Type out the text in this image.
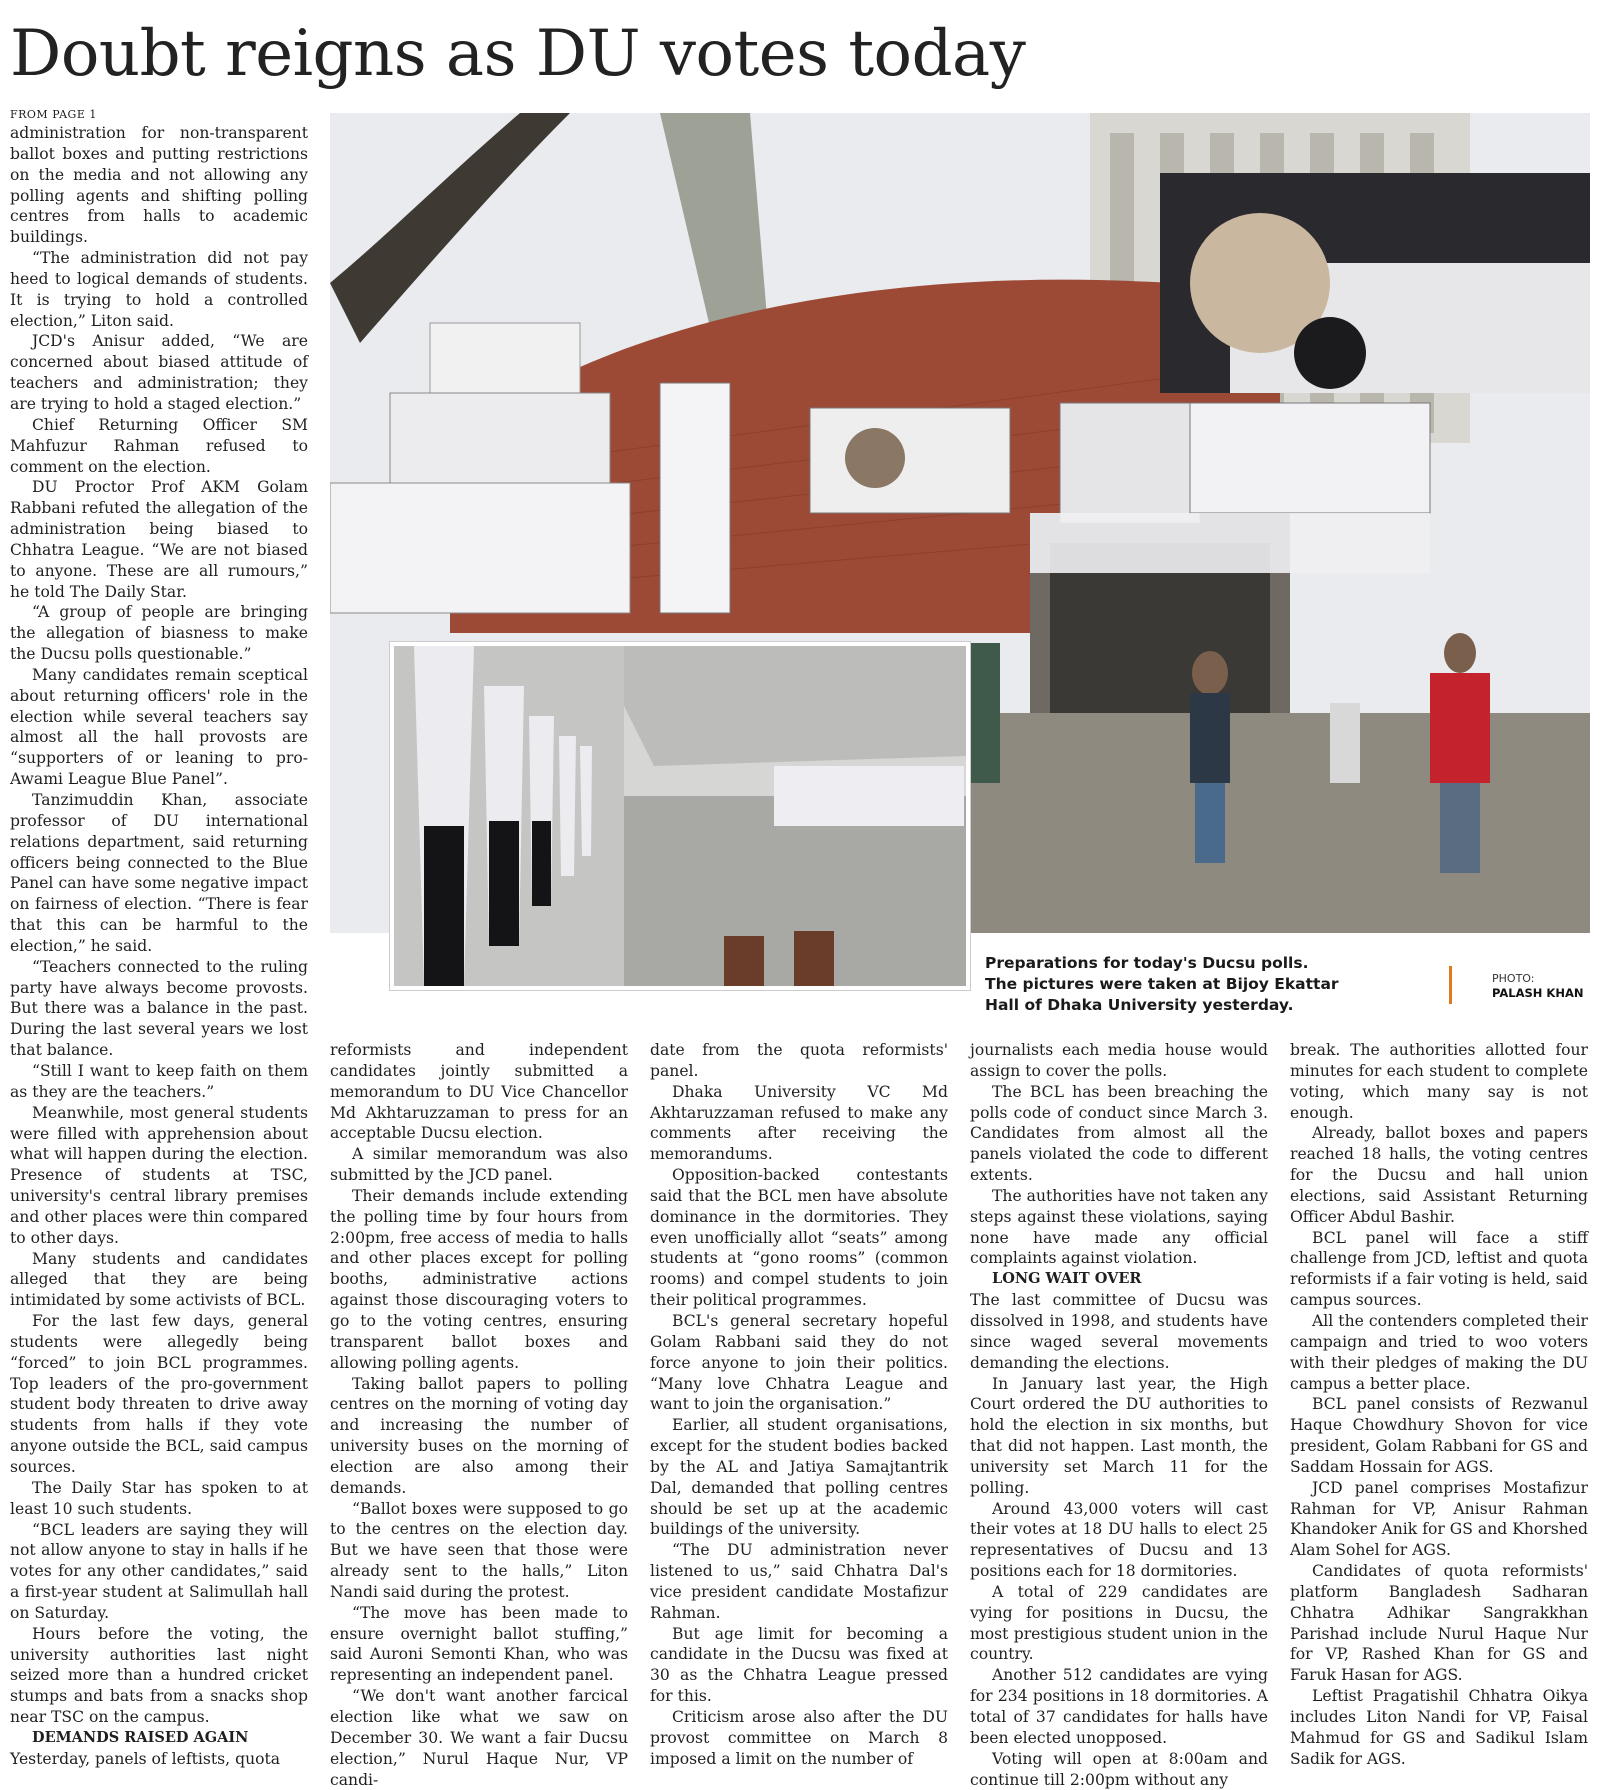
Doubt reigns as DU votes today
FROM PAGE 1

administration for non-transparent ballot boxes and putting restrictions on the media and not allowing any polling agents and shifting polling centres from halls to academic buildings.

“The administration did not pay heed to logical demands of students. It is trying to hold a controlled election,” Liton said.

JCD's Anisur added, “We are concerned about biased attitude of teachers and administration; they are trying to hold a staged election.”

Chief Returning Officer SM Mahfuzur Rahman refused to comment on the election.

DU Proctor Prof AKM Golam Rabbani refuted the allegation of the administration being biased to Chhatra League. “We are not biased to anyone. These are all rumours,” he told The Daily Star.

“A group of people are bringing the allegation of biasness to make the Ducsu polls questionable.”

Many candidates remain sceptical about returning officers' role in the election while several teachers say almost all the hall provosts are “supporters of or leaning to pro-Awami League Blue Panel”.

Tanzimuddin Khan, associate professor of DU international relations department, said returning officers being connected to the Blue Panel can have some negative impact on fairness of election. “There is fear that this can be harmful to the election,” he said.

“Teachers connected to the ruling party have always become provosts. But there was a balance in the past. During the last several years we lost that balance.

“Still I want to keep faith on them as they are the teachers.”

Meanwhile, most general students were filled with apprehension about what will happen during the election. Presence of students at TSC, university's central library premises and other places were thin compared to other days.

Many students and candidates alleged that they are being intimidated by some activists of BCL.

For the last few days, general students were allegedly being “forced” to join BCL programmes. Top leaders of the pro-government student body threaten to drive away students from halls if they vote anyone outside the BCL, said campus sources.

The Daily Star has spoken to at least 10 such students.

“BCL leaders are saying they will not allow anyone to stay in halls if he votes for any other candidates,” said a first-year student at Salimullah hall on Saturday.

Hours before the voting, the university authorities last night seized more than a hundred cricket stumps and bats from a snacks shop near TSC on the campus.

DEMANDS RAISED AGAIN

Yesterday, panels of leftists, quota

Preparations for today's Ducsu polls. The pictures were taken at Bijoy Ekattar Hall of Dhaka University yesterday.
PHOTO:
PALASH KHAN

reformists and independent candidates jointly submitted a memorandum to DU Vice Chancellor Md Akhtaruzzaman to press for an acceptable Ducsu election.

A similar memorandum was also submitted by the JCD panel.

Their demands include extending the polling time by four hours from 2:00pm, free access of media to halls and other places except for polling booths, administrative actions against those discouraging voters to go to the voting centres, ensuring transparent ballot boxes and allowing polling agents.

Taking ballot papers to polling centres on the morning of voting day and increasing the number of university buses on the morning of election are also among their demands.

“Ballot boxes were supposed to go to the centres on the election day. But we have seen that those were already sent to the halls,” Liton Nandi said during the protest.

“The move has been made to ensure overnight ballot stuffing,” said Auroni Semonti Khan, who was representing an independent panel.

“We don't want another farcical election like what we saw on December 30. We want a fair Ducsu election,” Nurul Haque Nur, VP candi-

date from the quota reformists' panel.

Dhaka University VC Md Akhtaruzzaman refused to make any comments after receiving the memorandums.

Opposition-backed contestants said that the BCL men have absolute dominance in the dormitories. They even unofficially allot “seats” among students at “gono rooms” (common rooms) and compel students to join their political programmes.

BCL's general secretary hopeful Golam Rabbani said they do not force anyone to join their politics. “Many love Chhatra League and want to join the organisation.”

Earlier, all student organisations, except for the student bodies backed by the AL and Jatiya Samajtantrik Dal, demanded that polling centres should be set up at the academic buildings of the university.

“The DU administration never listened to us,” said Chhatra Dal's vice president candidate Mostafizur Rahman.

But age limit for becoming a candidate in the Ducsu was fixed at 30 as the Chhatra League pressed for this.

Criticism arose also after the DU provost committee on March 8 imposed a limit on the number of

journalists each media house would assign to cover the polls.

The BCL has been breaching the polls code of conduct since March 3. Candidates from almost all the panels violated the code to different extents.

The authorities have not taken any steps against these violations, saying none have made any official complaints against violation.

LONG WAIT OVER

The last committee of Ducsu was dissolved in 1998, and students have since waged several movements demanding the elections.

In January last year, the High Court ordered the DU authorities to hold the election in six months, but that did not happen. Last month, the university set March 11 for the polling.

Around 43,000 voters will cast their votes at 18 DU halls to elect 25 representatives of Ducsu and 13 positions each for 18 dormitories.

A total of 229 candidates are vying for positions in Ducsu, the most prestigious student union in the country.

Another 512 candidates are vying for 234 positions in 18 dormitories. A total of 37 candidates for halls have been elected unopposed.

Voting will open at 8:00am and continue till 2:00pm without any

break. The authorities allotted four minutes for each student to complete voting, which many say is not enough.

Already, ballot boxes and papers reached 18 halls, the voting centres for the Ducsu and hall union elections, said Assistant Returning Officer Abdul Bashir.

BCL panel will face a stiff challenge from JCD, leftist and quota reformists if a fair voting is held, said campus sources.

All the contenders completed their campaign and tried to woo voters with their pledges of making the DU campus a better place.

BCL panel consists of Rezwanul Haque Chowdhury Shovon for vice president, Golam Rabbani for GS and Saddam Hossain for AGS.

JCD panel comprises Mostafizur Rahman for VP, Anisur Rahman Khandoker Anik for GS and Khorshed Alam Sohel for AGS.

Candidates of quota reformists' platform Bangladesh Sadharan Chhatra Adhikar Sangrakkhan Parishad include Nurul Haque Nur for VP, Rashed Khan for GS and Faruk Hasan for AGS.

Leftist Pragatishil Chhatra Oikya includes Liton Nandi for VP, Faisal Mahmud for GS and Sadikul Islam Sadik for AGS.
